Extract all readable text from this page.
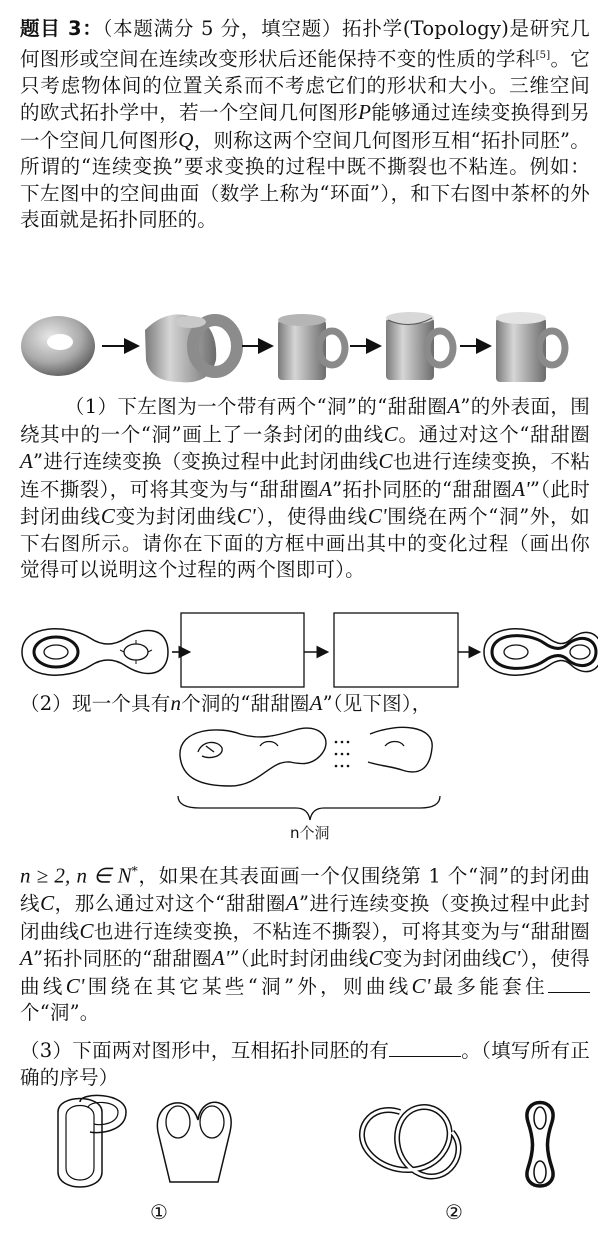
题目 3：（本题满分 5 分，填空题）拓扑学(Topology)是研究几何图形或空间在连续改变形状后还能保持不变的性质的学科[5]。它只考虑物体间的位置关系而不考虑它们的形状和大小。三维空间的欧式拓扑学中，若一个空间几何图形P能够通过连续变换得到另一个空间几何图形Q，则称这两个空间几何图形互相“拓扑同胚”。所谓的“连续变换”要求变换的过程中既不撕裂也不粘连。例如：下左图中的空间曲面（数学上称为“环面”），和下右图中茶杯的外表面就是拓扑同胚的。
（1）下左图为一个带有两个“洞”的“甜甜圈A”的外表面，围绕其中的一个“洞”画上了一条封闭的曲线C。通过对这个“甜甜圈A”进行连续变换（变换过程中此封闭曲线C也进行连续变换，不粘连不撕裂），可将其变为与“甜甜圈A”拓扑同胚的“甜甜圈A'”（此时封闭曲线C变为封闭曲线C'），使得曲线C'围绕在两个“洞”外，如下右图所示。请你在下面的方框中画出其中的变化过程（画出你觉得可以说明这个过程的两个图即可）。
（2）现一个具有n个洞的“甜甜圈A”（见下图），
n个洞
n ≥ 2, n ∈ N*，如果在其表面画一个仅围绕第 1 个“洞”的封闭曲线C，那么通过对这个“甜甜圈A”进行连续变换（变换过程中此封闭曲线C也进行连续变换，不粘连不撕裂），可将其变为与“甜甜圈A”拓扑同胚的“甜甜圈A'”（此时封闭曲线C变为封闭曲线C'），使得曲线C'围绕在其它某些“洞”外，则曲线C'最多能套住个“洞”。
（3）下面两对图形中，互相拓扑同胚的有	。（填写所有正确的序号）
①	②
